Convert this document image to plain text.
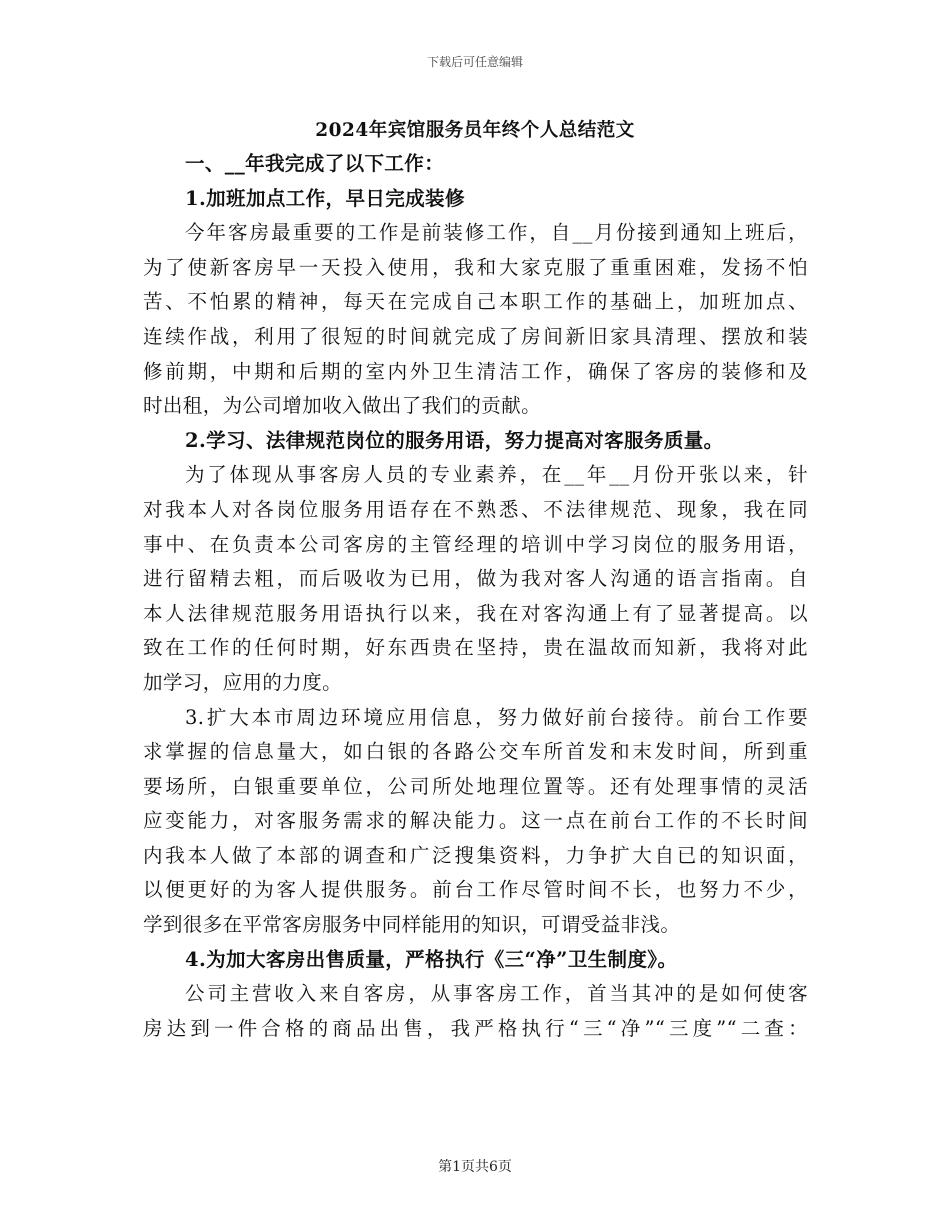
下载后可任意编辑
2024年宾馆服务员年终个人总结范文
一、__年我完成了以下工作：
1.加班加点工作，早日完成装修
今年客房最重要的工作是前装修工作，自__月份接到通知上班后，
为了使新客房早一天投入使用，我和大家克服了重重困难，发扬不怕
苦、不怕累的精神，每天在完成自己本职工作的基础上，加班加点、
连续作战，利用了很短的时间就完成了房间新旧家具清理、摆放和装
修前期，中期和后期的室内外卫生清洁工作，确保了客房的装修和及
时出租，为公司增加收入做出了我们的贡献。
2.学习、法律规范岗位的服务用语，努力提高对客服务质量。
为了体现从事客房人员的专业素养，在__年__月份开张以来，针
对我本人对各岗位服务用语存在不熟悉、不法律规范、现象，我在同
事中、在负责本公司客房的主管经理的培训中学习岗位的服务用语，
进行留精去粗，而后吸收为已用，做为我对客人沟通的语言指南。自
本人法律规范服务用语执行以来，我在对客沟通上有了显著提高。以
致在工作的任何时期，好东西贵在坚持，贵在温故而知新，我将对此
加学习，应用的力度。
3.扩大本市周边环境应用信息，努力做好前台接待。前台工作要
求掌握的信息量大，如白银的各路公交车所首发和末发时间，所到重
要场所，白银重要单位，公司所处地理位置等。还有处理事情的灵活
应变能力，对客服务需求的解决能力。这一点在前台工作的不长时间
内我本人做了本部的调查和广泛搜集资料，力争扩大自已的知识面，
以便更好的为客人提供服务。前台工作尽管时间不长，也努力不少，
学到很多在平常客房服务中同样能用的知识，可谓受益非浅。
4.为加大客房出售质量，严格执行《三“净”卫生制度》。
公司主营收入来自客房，从事客房工作，首当其冲的是如何使客
房达到一件合格的商品出售，我严格执行“三“净”“三度”“二查：
第1页共6页
